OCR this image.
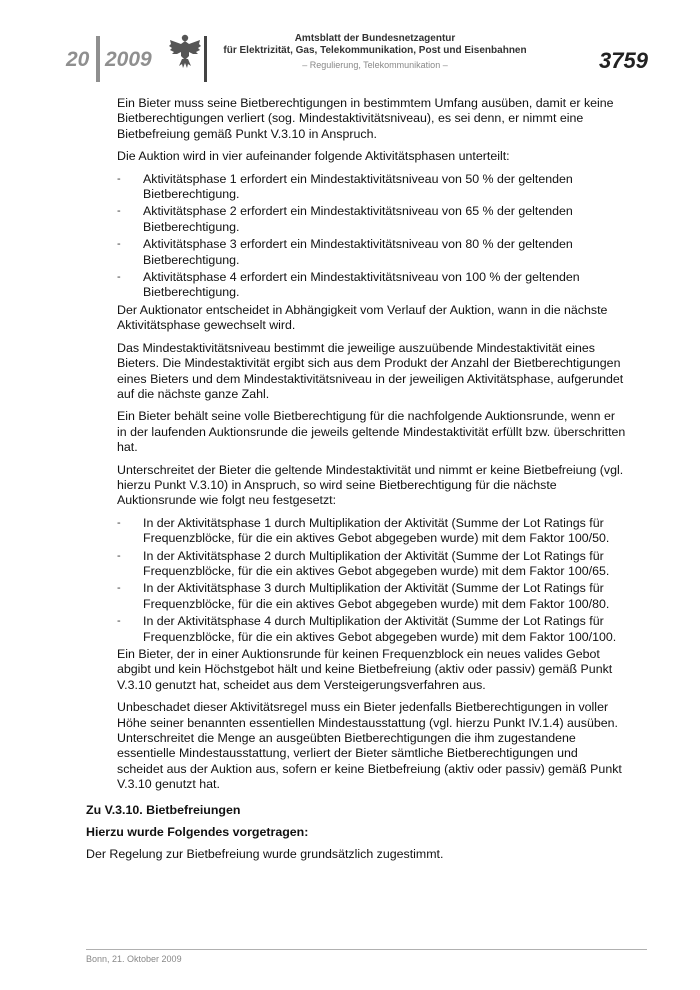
20 2009
Amtsblatt der Bundesnetzagentur
für Elektrizität, Gas, Telekommunikation, Post und Eisenbahnen
– Regulierung, Telekommunikation –	3759

Ein Bieter muss seine Bietberechtigungen in bestimmtem Umfang ausüben, damit er keine Bietberechtigungen verliert (sog. Mindestaktivitätsniveau), es sei denn, er nimmt eine Bietbefreiung gemäß Punkt V.3.10 in Anspruch.

Die Auktion wird in vier aufeinander folgende Aktivitätsphasen unterteilt:

- Aktivitätsphase 1 erfordert ein Mindestaktivitätsniveau von 50 % der geltenden Bietberechtigung.
- Aktivitätsphase 2 erfordert ein Mindestaktivitätsniveau von 65 % der geltenden Bietberechtigung.
- Aktivitätsphase 3 erfordert ein Mindestaktivitätsniveau von 80 % der geltenden Bietberechtigung.
- Aktivitätsphase 4 erfordert ein Mindestaktivitätsniveau von 100 % der geltenden Bietberechtigung.

Der Auktionator entscheidet in Abhängigkeit vom Verlauf der Auktion, wann in die nächste Aktivitätsphase gewechselt wird.

Das Mindestaktivitätsniveau bestimmt die jeweilige auszuübende Mindestaktivität eines Bieters. Die Mindestaktivität ergibt sich aus dem Produkt der Anzahl der Bietberechtigungen eines Bieters und dem Mindestaktivitätsniveau in der jeweiligen Aktivitätsphase, aufgerundet auf die nächste ganze Zahl.

Ein Bieter behält seine volle Bietberechtigung für die nachfolgende Auktionsrunde, wenn er in der laufenden Auktionsrunde die jeweils geltende Mindestaktivität erfüllt bzw. überschritten hat.

Unterschreitet der Bieter die geltende Mindestaktivität und nimmt er keine Bietbefreiung (vgl. hierzu Punkt V.3.10) in Anspruch, so wird seine Bietberechtigung für die nächste Auktionsrunde wie folgt neu festgesetzt:

- In der Aktivitätsphase 1 durch Multiplikation der Aktivität (Summe der Lot Ratings für Frequenzblöcke, für die ein aktives Gebot abgegeben wurde) mit dem Faktor 100/50.
- In der Aktivitätsphase 2 durch Multiplikation der Aktivität (Summe der Lot Ratings für Frequenzblöcke, für die ein aktives Gebot abgegeben wurde) mit dem Faktor 100/65.
- In der Aktivitätsphase 3 durch Multiplikation der Aktivität (Summe der Lot Ratings für Frequenzblöcke, für die ein aktives Gebot abgegeben wurde) mit dem Faktor 100/80.
- In der Aktivitätsphase 4 durch Multiplikation der Aktivität (Summe der Lot Ratings für Frequenzblöcke, für die ein aktives Gebot abgegeben wurde) mit dem Faktor 100/100.

Ein Bieter, der in einer Auktionsrunde für keinen Frequenzblock ein neues valides Gebot abgibt und kein Höchstgebot hält und keine Bietbefreiung (aktiv oder passiv) gemäß Punkt V.3.10 genutzt hat, scheidet aus dem Versteigerungsverfahren aus.

Unbeschadet dieser Aktivitätsregel muss ein Bieter jedenfalls Bietberechtigungen in voller Höhe seiner benannten essentiellen Mindestausstattung (vgl. hierzu Punkt IV.1.4) ausüben. Unterschreitet die Menge an ausgeübten Bietberechtigungen die ihm zugestandene essentielle Mindestausstattung, verliert der Bieter sämtliche Bietberechtigungen und scheidet aus der Auktion aus, sofern er keine Bietbefreiung (aktiv oder passiv) gemäß Punkt V.3.10 genutzt hat.

Zu V.3.10. Bietbefreiungen

Hierzu wurde Folgendes vorgetragen:

Der Regelung zur Bietbefreiung wurde grundsätzlich zugestimmt.

Bonn, 21. Oktober 2009
